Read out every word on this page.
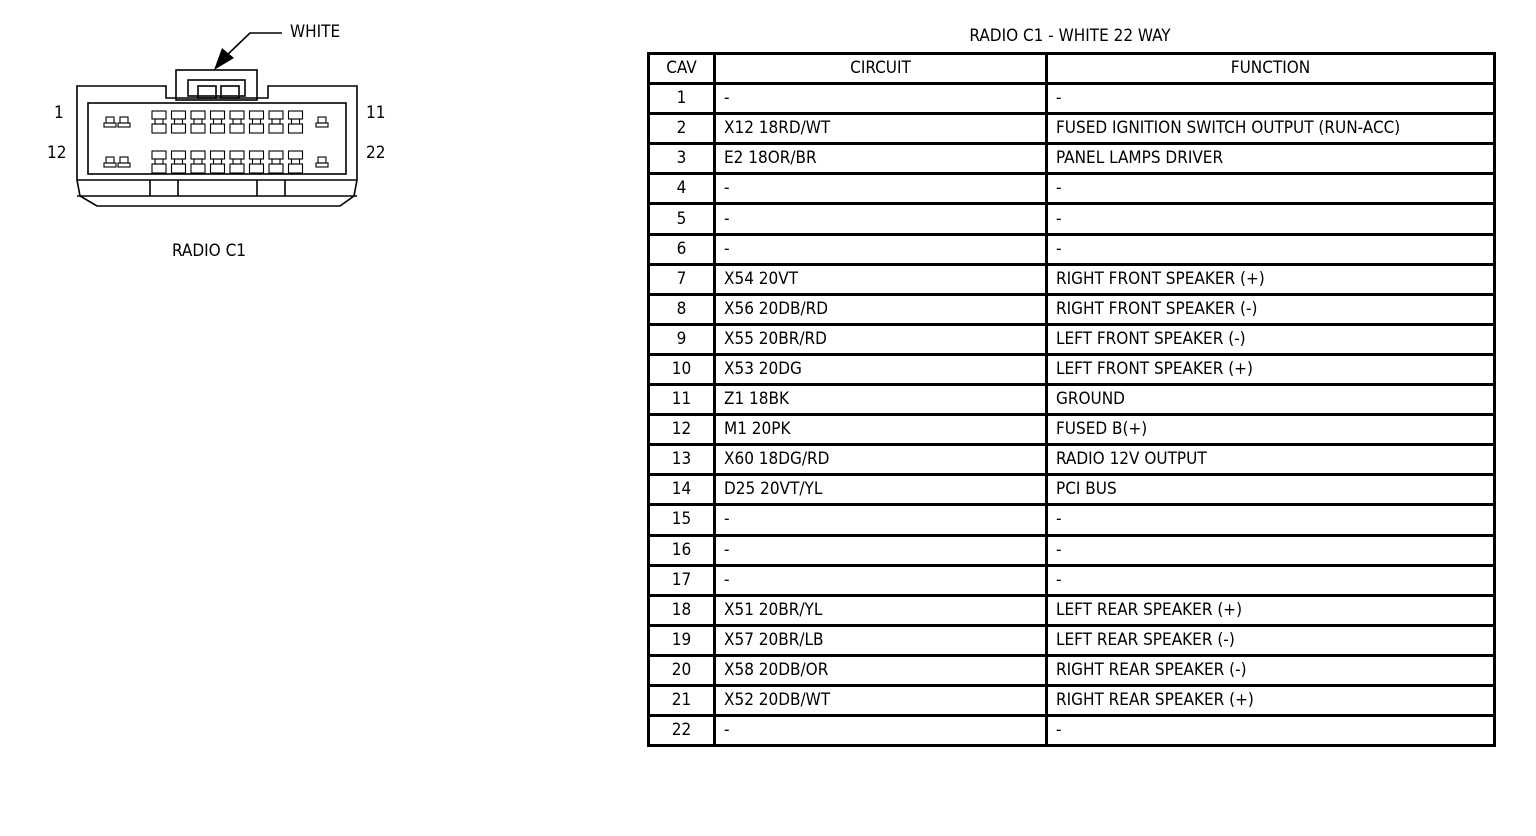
WHITE
1	11
12	22
RADIO C1
RADIO C1 - WHITE 22 WAY
CAV	CIRCUIT	FUNCTION
1	-	-
2	X12 18RD/WT	FUSED IGNITION SWITCH OUTPUT (RUN-ACC)
3	E2 18OR/BR	PANEL LAMPS DRIVER
4	-	-
5	-	-
6	-	-
7	X54 20VT	RIGHT FRONT SPEAKER (+)
8	X56 20DB/RD	RIGHT FRONT SPEAKER (-)
9	X55 20BR/RD	LEFT FRONT SPEAKER (-)
10	X53 20DG	LEFT FRONT SPEAKER (+)
11	Z1 18BK	GROUND
12	M1 20PK	FUSED B(+)
13	X60 18DG/RD	RADIO 12V OUTPUT
14	D25 20VT/YL	PCI BUS
15	-	-
16	-	-
17	-	-
18	X51 20BR/YL	LEFT REAR SPEAKER (+)
19	X57 20BR/LB	LEFT REAR SPEAKER (-)
20	X58 20DB/OR	RIGHT REAR SPEAKER (-)
21	X52 20DB/WT	RIGHT REAR SPEAKER (+)
22	-	-
